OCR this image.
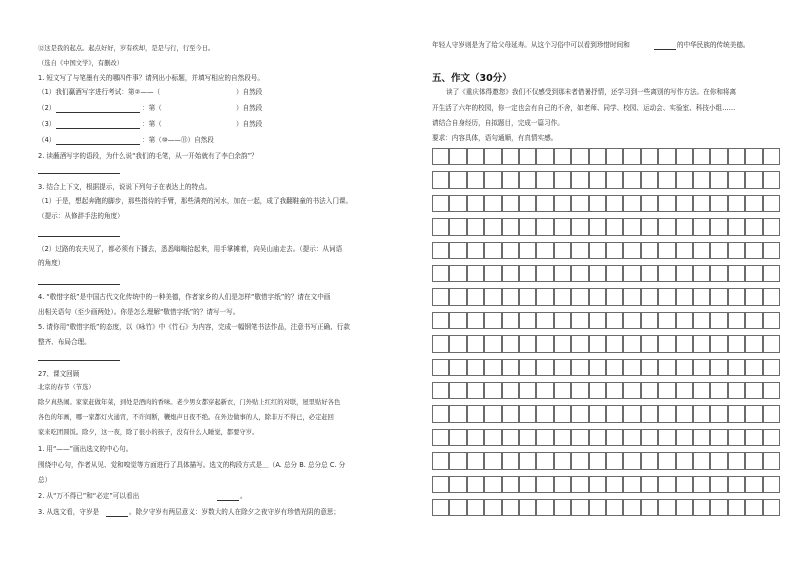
⑫这是我的起点。起点好好，岁有疾却，是是与行，行至今日。
（选自《中国文学》，有删改）
1. 短文写了与笔墨有关的哪四件事？请列出小标题，并填写相应的自然段号。
（1）我们赢酒写字进行考试：第②——（	）自然段
（2）	：第（	）自然段
（3）	：第（	）自然段
（4）	：第（⑩——⑪）自然段
2. 读蘸酒写字的语段，为什么说“我们的毛笔，从一开始就有了李白余韵”？
3. 结合上下文，根据提示，说说下列句子在表达上的特点。
（1）于是，想起奔跑的脚步，那些指待的手臂，那些满亮的河水，加在一起，成了我翻鞋童的书法入门课。
（提示：从修辞手法的角度）
（2）过路的农夫见了，都必须有下播去，悉悉嗡嗡拾起来，用手掌摊着，向吴山庙走去。（提示：从词语
的角度）
4. “敬惜字纸”是中国古代文化传统中的一种美德，作者家乡的人们是怎样“敬惜字纸”的？请在文中画
出相关语句（至少画两处）。你是怎么理解“敬惜字纸”的？请写一写。
5. 请你用“敬惜字纸”的态度，以《咏竹》中《竹石》为内容，完成一幅钢笔书法作品，注意书写正确、行款
整齐、布局合理。
27、课文回顾
北京的春节（节选）
除夕真热闹。家家赶做年菜，到处是酒肉的香味。老少男女都穿起新衣，门外贴上红红的对联，屋里贴好各色
各色的年画，哪一家都灯火通宵，不许间断，鞭炮声日夜不绝。在外边做事的人，除非万不得已，必定赶回
家来吃团圆饭。除夕，这一夜，除了很小的孩子，没有什么人睡觉，都要守岁。
1. 用“——”画出选文的中心句。
围绕中心句，作者从见、觉和嗅觉等方面进行了具体描写。选文的构段方式是＿（A. 总分 B. 总分总 C. 分
总）
2. 从“万不得已”和“必定”可以看出	。
3. 从选文看，守岁是	。除夕守岁有两层意义：岁数大的人在除夕之夜守岁有珍惜光阴的意思；
年轻人守岁则是为了给父母延寿。从这个习俗中可以看到珍惜时间和	的中华民族的传统美德。
五、作文（30分）
读了《重庆体得邀您》我们不仅感受到那未者借暑抒情，还学习到一些离别的写作方法。在你和将离
开生活了六年的校园，你一定也会有自己的不舍，如老师、同学、校园、运动会、实验室、科技小组……
请结合自身经历，自拟题目，完成一篇习作。
要求：内容具体，语句通顺，有真情实感。
